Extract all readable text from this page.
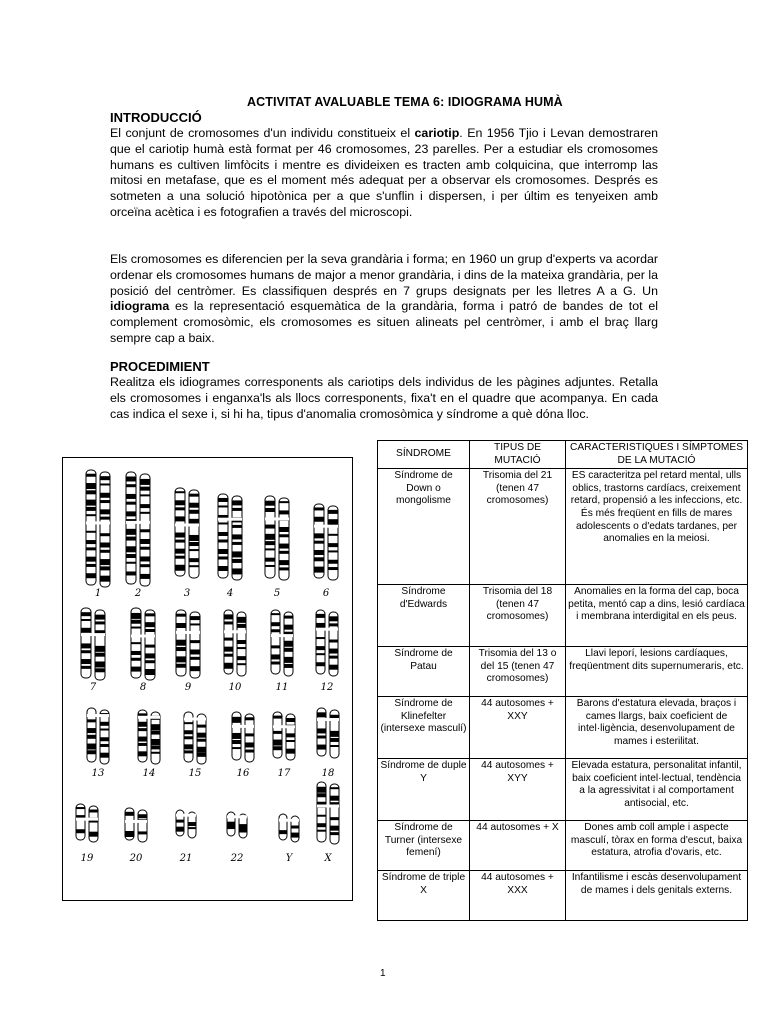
ACTIVITAT AVALUABLE TEMA 6: IDIOGRAMA HUMÀ
INTRODUCCIÓ

El conjunt de cromosomes d'un individu constitueix el cariotip. En 1956 Tjio i Levan demostraren que el cariotip humà està format per 46 cromosomes, 23 parelles. Per a estudiar els cromosomes humans es cultiven limfòcits i mentre es divideixen es tracten amb colquicina, que interromp las mitosi en metafase, que es el moment més adequat per a observar els cromosomes. Després es sotmeten a una solució hipotònica per a que s'unflin i dispersen, i per últim es tenyeixen amb orceïna acètica i es fotografien a través del microscopi.

Els cromosomes es diferencien per la seva grandària i forma; en 1960 un grup d'experts va acordar ordenar els cromosomes humans de major a menor grandària, i dins de la mateixa grandària, per la posició del centròmer. Es classifiquen després en 7 grups designats per les lletres A a G. Un idiograma es la representació esquemàtica de la grandària, forma i patró de bandes de tot el complement cromosòmic, els cromosomes es situen alineats pel centròmer, i amb el braç llarg sempre cap a baix.

PROCEDIMIENT

Realitza els idiogrames corresponents als cariotips dels individus de les pàgines adjuntes. Retalla els cromosomes i enganxa'ls als llocs corresponents, fixa't en el quadre que acompanya. En cada cas indica el sexe i, si hi ha, tipus d'anomalia cromosòmica y síndrome a què dóna lloc.

1	2	3	4	5	6
7	8	9	10	11	12
13	14	15	16	17	18
19	20	21	22	Y	X
SÍNDROME	TIPUS DE MUTACIÓ	CARACTERISTIQUES I SÍMPTOMES DE LA MUTACIÓ
Síndrome de Down o mongolisme	Trisomia del 21 (tenen 47 cromosomes)	ES caracteritza pel retard mental, ulls oblics, trastorns cardíacs, creixement retard, propensió a les infeccions, etc. És més freqüent en fills de mares adolescents o d'edats tardanes, per anomalies en la meiosi.
Síndrome d'Edwards	Trisomia del 18 (tenen 47 cromosomes)	Anomalies en la forma del cap, boca petita, mentó cap a dins, lesió cardíaca i membrana interdigital en els peus.
Síndrome de Patau	Trisomia del 13 o del 15 (tenen 47 cromosomes)	Llavi leporí, lesions cardíaques, freqüentment dits supernumeraris, etc.
Síndrome de Klinefelter (intersexe masculí)	44 autosomes + XXY	Barons d'estatura elevada, braços i cames llargs, baix coeficient de intel·ligència, desenvolupament de mames i esterilitat.
Síndrome de duple Y	44 autosomes + XYY	Elevada estatura, personalitat infantil, baix coeficient intel·lectual, tendència a la agressivitat i al comportament antisocial, etc.
Síndrome de Turner (intersexe femení)	44 autosomes + X	Dones amb coll ample i aspecte masculí, tòrax en forma d'escut, baixa estatura, atrofia d'ovaris, etc.
Síndrome de triple X	44 autosomes + XXX	Infantilisme i escàs desenvolupament de mames i dels genitals externs.
1
